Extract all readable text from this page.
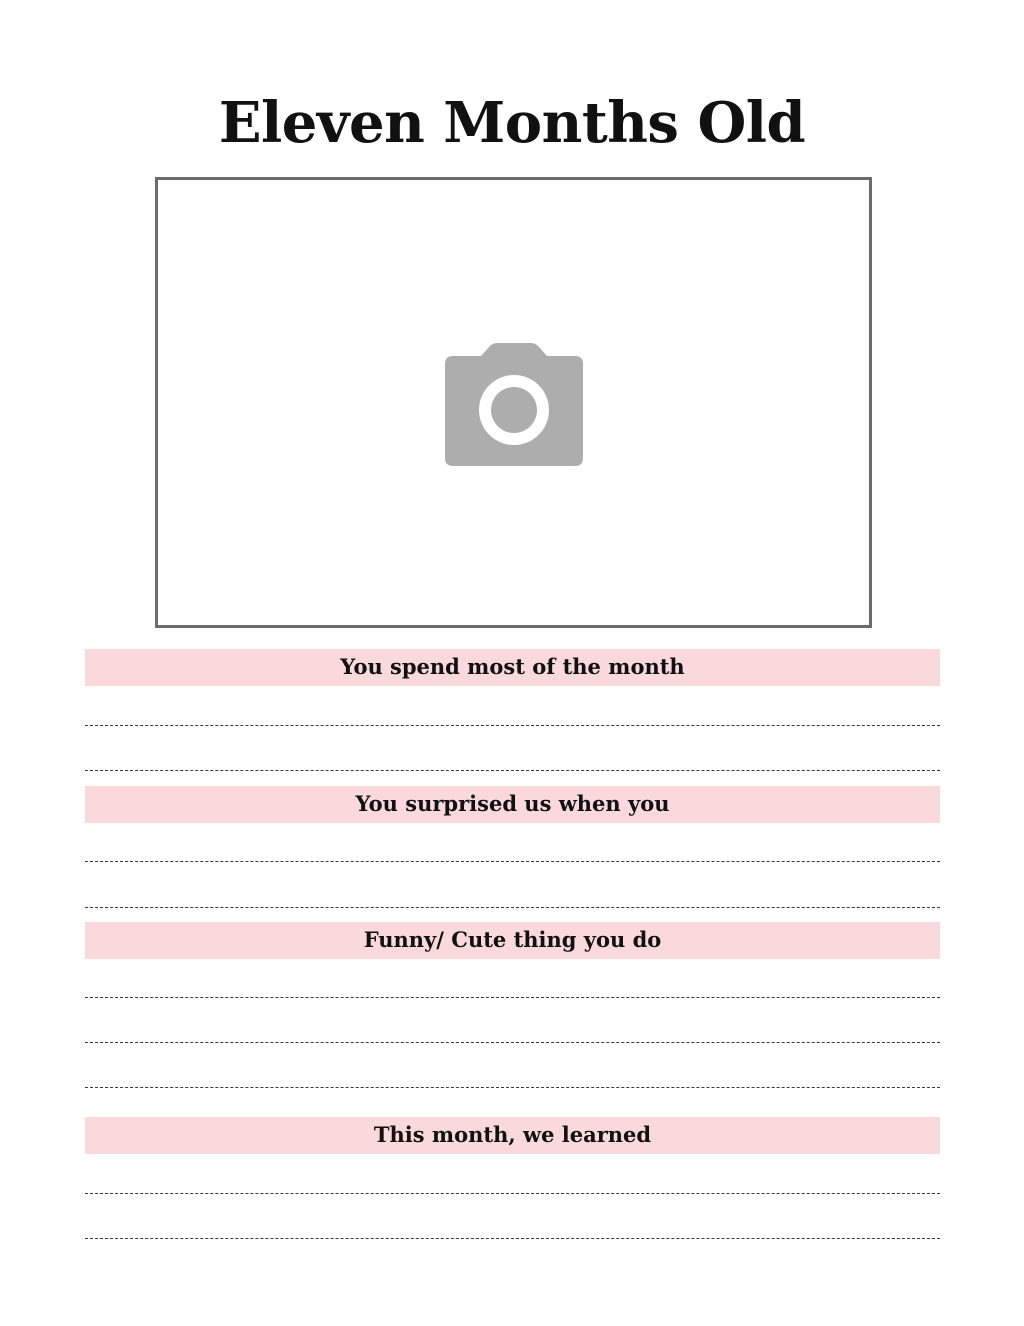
Eleven Months Old
You spend most of the month
You surprised us when you
Funny/ Cute thing you do
This month, we learned
